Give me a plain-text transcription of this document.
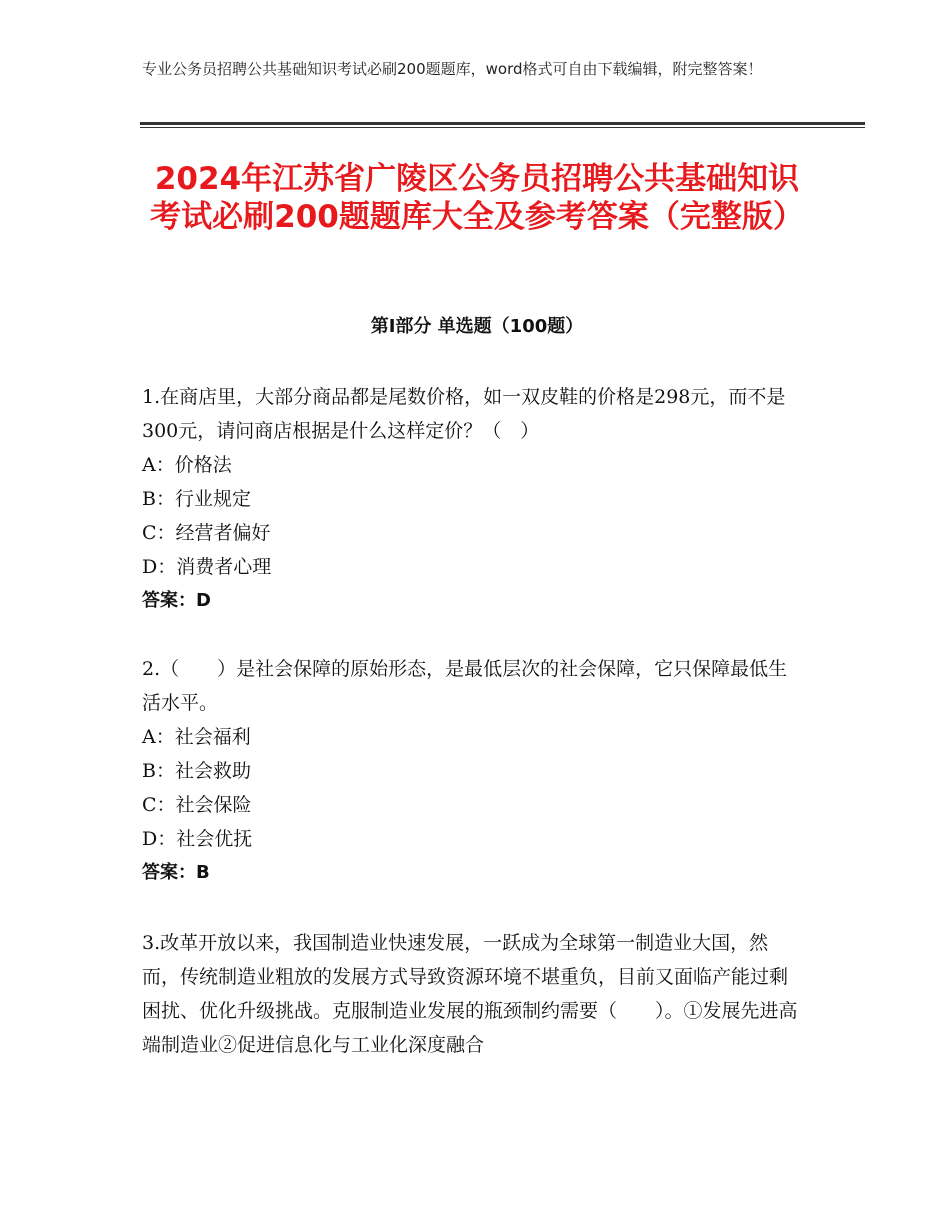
专业公务员招聘公共基础知识考试必刷200题题库，word格式可自由下载编辑，附完整答案！
2024年江苏省广陵区公务员招聘公共基础知识考试必刷200题题库大全及参考答案（完整版）
第Ⅰ部分 单选题（100题）

1.在商店里，大部分商品都是尾数价格，如一双皮鞋的价格是298元，而不是300元，请问商店根据是什么这样定价？（　）

A：价格法

B：行业规定

C：经营者偏好

D：消费者心理

答案：D

2.（　　）是社会保障的原始形态，是最低层次的社会保障，它只保障最低生活水平。

A：社会福利

B：社会救助

C：社会保险

D：社会优抚

答案：B

3.改革开放以来，我国制造业快速发展，一跃成为全球第一制造业大国，然而，传统制造业粗放的发展方式导致资源环境不堪重负，目前又面临产能过剩困扰、优化升级挑战。克服制造业发展的瓶颈制约需要（　　）。①发展先进高端制造业②促进信息化与工业化深度融合
